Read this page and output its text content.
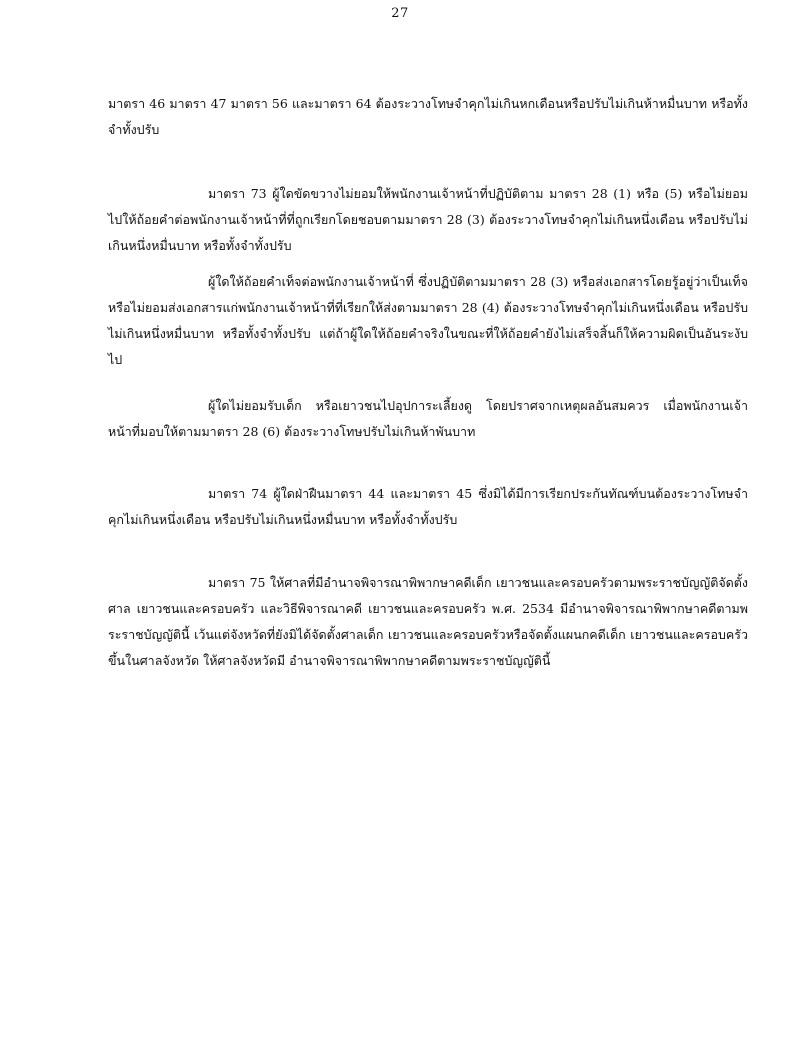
27

มาตรา 46 มาตรา 47 มาตรา 56 และมาตรา 64 ต้องระวางโทษจำคุกไม่เกินหกเดือนหรือปรับไม่เกินห้าหมื่นบาท หรือทั้งจำทั้งปรับ

มาตรา 73 ผู้ใดขัดขวางไม่ยอมให้พนักงานเจ้าหน้าที่ปฏิบัติตาม มาตรา 28 (1) หรือ (5) หรือไม่ยอมไปให้ถ้อยคำต่อพนักงานเจ้าหน้าที่ที่ถูกเรียกโดยชอบตามมาตรา 28 (3) ต้องระวางโทษจำคุกไม่เกินหนึ่งเดือน หรือปรับไม่เกินหนึ่งหมื่นบาท หรือทั้งจำทั้งปรับ

ผู้ใดให้ถ้อยคำเท็จต่อพนักงานเจ้าหน้าที่ ซึ่งปฏิบัติตามมาตรา 28 (3) หรือส่งเอกสารโดยรู้อยู่ว่าเป็นเท็จหรือไม่ยอมส่งเอกสารแก่พนักงานเจ้าหน้าที่ที่เรียกให้ส่งตามมาตรา 28 (4) ต้องระวางโทษจำคุกไม่เกินหนึ่งเดือน หรือปรับไม่เกินหนึ่งหมื่นบาท หรือทั้งจำทั้งปรับ แต่ถ้าผู้ใดให้ถ้อยคำจริงในขณะที่ให้ถ้อยคำยังไม่เสร็จสิ้นก็ให้ความผิดเป็นอันระงับไป

ผู้ใดไม่ยอมรับเด็ก หรือเยาวชนไปอุปการะเลี้ยงดู โดยปราศจากเหตุผลอันสมควร เมื่อพนักงานเจ้าหน้าที่มอบให้ตามมาตรา 28 (6) ต้องระวางโทษปรับไม่เกินห้าพันบาท

มาตรา 74 ผู้ใดฝ่าฝืนมาตรา 44 และมาตรา 45 ซึ่งมิได้มีการเรียกประกันทัณฑ์บนต้องระวางโทษจำคุกไม่เกินหนึ่งเดือน หรือปรับไม่เกินหนึ่งหมื่นบาท หรือทั้งจำทั้งปรับ

มาตรา 75 ให้ศาลที่มีอำนาจพิจารณาพิพากษาคดีเด็ก เยาวชนและครอบครัวตามพระราชบัญญัติจัดตั้งศาล เยาวชนและครอบครัว และวิธีพิจารณาคดี เยาวชนและครอบครัว พ.ศ. 2534 มีอำนาจพิจารณาพิพากษาคดีตามพระราชบัญญัตินี้ เว้นแต่จังหวัดที่ยังมิได้จัดตั้งศาลเด็ก เยาวชนและครอบครัวหรือจัดตั้งแผนกคดีเด็ก เยาวชนและครอบครัวขึ้นในศาลจังหวัด ให้ศาลจังหวัดมี อำนาจพิจารณาพิพากษาคดีตามพระราชบัญญัตินี้
